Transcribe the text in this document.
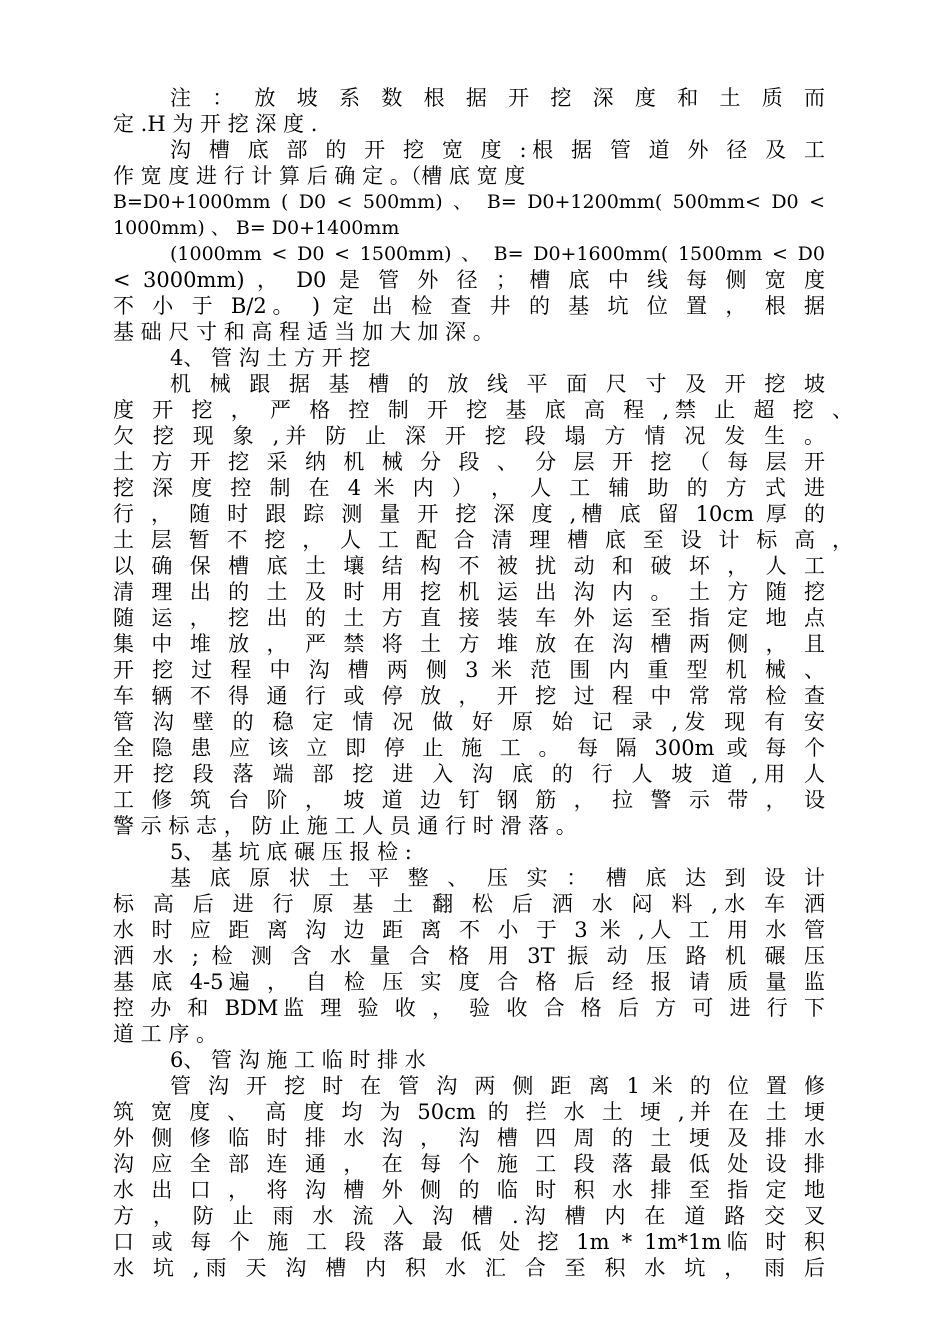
注 ： 放 坡 系 数 根 据 开 挖 深 度 和 土 质 而
定 .H 为 开 挖 深 度 .
沟 槽 底 部 的 开 挖 宽 度 :根 据 管 道 外 径 及 工
作 宽 度 进 行 计 算 后 确 定 。（槽 底 宽 度
B=D0+1000mm ( D0 < 500mm) 、 B= D0+1200mm( 500mm< D0 <
1000mm) 、 B= D0+1400mm
(1000mm < D0 < 1500mm) 、 B= D0+1600mm( 1500mm < D0
< 3000mm) ， D0 是 管 外 径 ； 槽 底 中 线 每 侧 宽 度
不 小 于 B/2。 ) 定 出 检 查 井 的 基 坑 位 置 ， 根 据
基 础 尺 寸 和 高 程 适 当 加 大 加 深 。
4、 管 沟 土 方 开 挖
机 械 跟 据 基 槽 的 放 线 平 面 尺 寸 及 开 挖 坡
度 开 挖 ， 严 格 控 制 开 挖 基 底 高 程 ,禁 止 超 挖 、
欠 挖 现 象 ,并 防 止 深 开 挖 段 塌 方 情 况 发 生 。
土 方 开 挖 采 纳 机 械 分 段 、 分 层 开 挖 （ 每 层 开
挖 深 度 控 制 在 4 米 内 ） ， 人 工 辅 助 的 方 式 进
行 ， 随 时 跟 踪 测 量 开 挖 深 度 ,槽 底 留 10cm 厚 的
土 层 暂 不 挖 ， 人 工 配 合 清 理 槽 底 至 设 计 标 高 ，
以 确 保 槽 底 土 壤 结 构 不 被 扰 动 和 破 坏 ， 人 工
清 理 出 的 土 及 时 用 挖 机 运 出 沟 内 。 土 方 随 挖
随 运 ， 挖 出 的 土 方 直 接 装 车 外 运 至 指 定 地 点
集 中 堆 放 ， 严 禁 将 土 方 堆 放 在 沟 槽 两 侧 ， 且
开 挖 过 程 中 沟 槽 两 侧 3 米 范 围 内 重 型 机 械 、
车 辆 不 得 通 行 或 停 放 ， 开 挖 过 程 中 常 常 检 查
管 沟 壁 的 稳 定 情 况 做 好 原 始 记 录 ,发 现 有 安
全 隐 患 应 该 立 即 停 止 施 工 。 每 隔 300m 或 每 个
开 挖 段 落 端 部 挖 进 入 沟 底 的 行 人 坡 道 ,用 人
工 修 筑 台 阶 ， 坡 道 边 钉 钢 筋 ， 拉 警 示 带 ， 设
警 示 标 志 ， 防 止 施 工 人 员 通 行 时 滑 落 。
5、 基 坑 底 碾 压 报 检 :
基 底 原 状 土 平 整 、 压 实 ： 槽 底 达 到 设 计
标 高 后 进 行 原 基 土 翻 松 后 洒 水 闷 料 ,水 车 洒
水 时 应 距 离 沟 边 距 离 不 小 于 3 米 ,人 工 用 水 管
洒 水 ; 检 测 含 水 量 合 格 用 3T 振 动 压 路 机 碾 压
基 底 4-5遍 ， 自 检 压 实 度 合 格 后 经 报 请 质 量 监
控 办 和 BDM监 理 验 收 ， 验 收 合 格 后 方 可 进 行 下
道 工 序 。
6、 管 沟 施 工 临 时 排 水
管 沟 开 挖 时 在 管 沟 两 侧 距 离 1 米 的 位 置 修
筑 宽 度 、 高 度 均 为 50cm 的 拦 水 土 埂 ,并 在 土 埂
外 侧 修 临 时 排 水 沟 ， 沟 槽 四 周 的 土 埂 及 排 水
沟 应 全 部 连 通 ， 在 每 个 施 工 段 落 最 低 处 设 排
水 出 口 ， 将 沟 槽 外 侧 的 临 时 积 水 排 至 指 定 地
方 ， 防 止 雨 水 流 入 沟 槽 .沟 槽 内 在 道 路 交 叉
口 或 每 个 施 工 段 落 最 低 处 挖 1m * 1m*1m临 时 积
水 坑 ,雨 天 沟 槽 内 积 水 汇 合 至 积 水 坑 ， 雨 后
